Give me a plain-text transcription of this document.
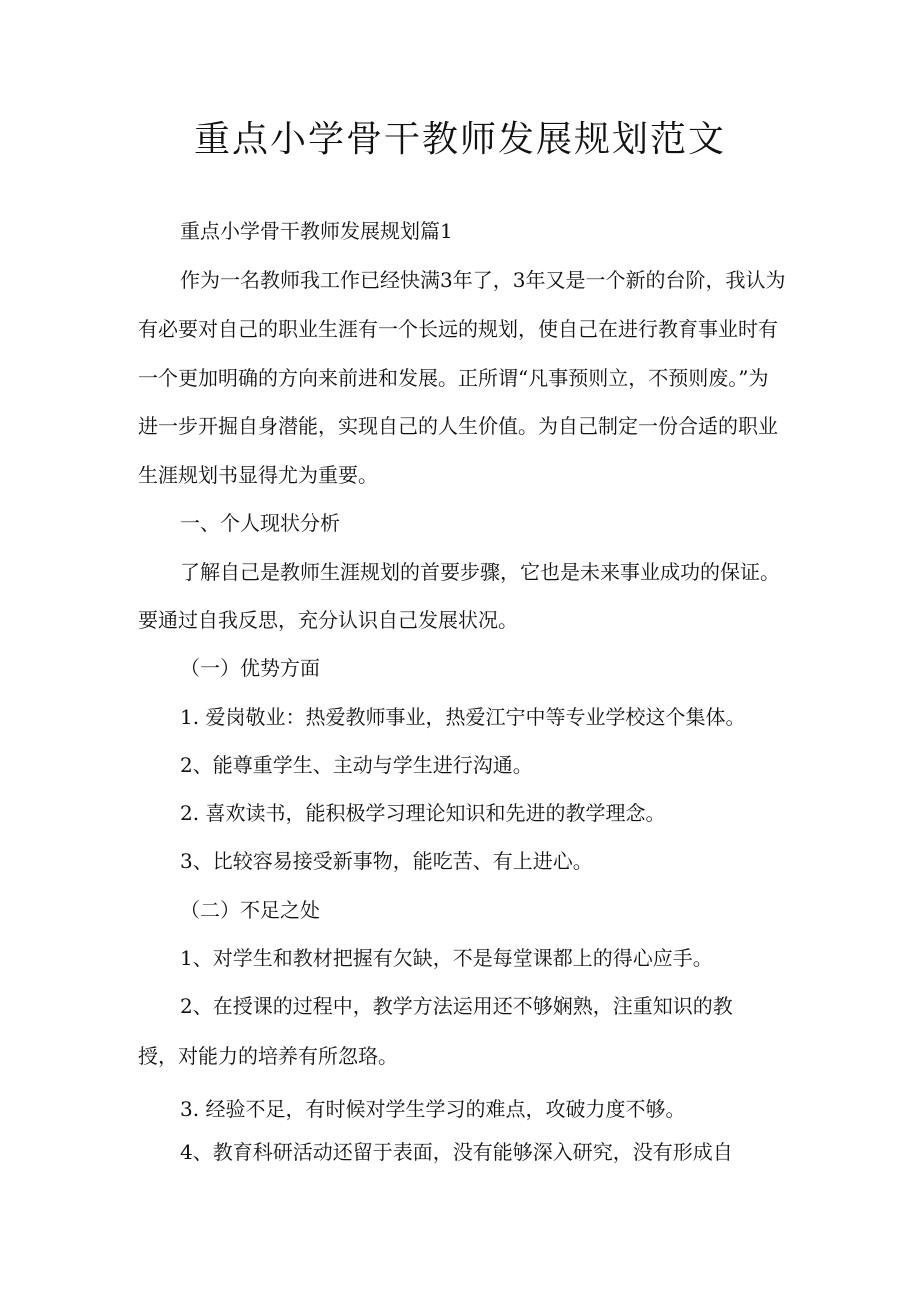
重点小学骨干教师发展规划范文
重点小学骨干教师发展规划篇1
作为一名教师我工作已经快满3年了，3年又是一个新的台阶，我认为
有必要对自己的职业生涯有一个长远的规划，使自己在进行教育事业时有
一个更加明确的方向来前进和发展。正所谓“凡事预则立，不预则废。”为
进一步开掘自身潜能，实现自己的人生价值。为自己制定一份合适的职业
生涯规划书显得尤为重要。
一、个人现状分析
了解自己是教师生涯规划的首要步骤，它也是未来事业成功的保证。
要通过自我反思，充分认识自己发展状况。
（一）优势方面
1. 爱岗敬业：热爱教师事业，热爱江宁中等专业学校这个集体。
2、能尊重学生、主动与学生进行沟通。
2. 喜欢读书，能积极学习理论知识和先进的教学理念。
3、比较容易接受新事物，能吃苦、有上进心。
（二）不足之处
1、对学生和教材把握有欠缺，不是每堂课都上的得心应手。
2、在授课的过程中，教学方法运用还不够娴熟，注重知识的教
授，对能力的培养有所忽珞。
3. 经验不足，有时候对学生学习的难点，攻破力度不够。
4、教育科研活动还留于表面，没有能够深入研究，没有形成自
